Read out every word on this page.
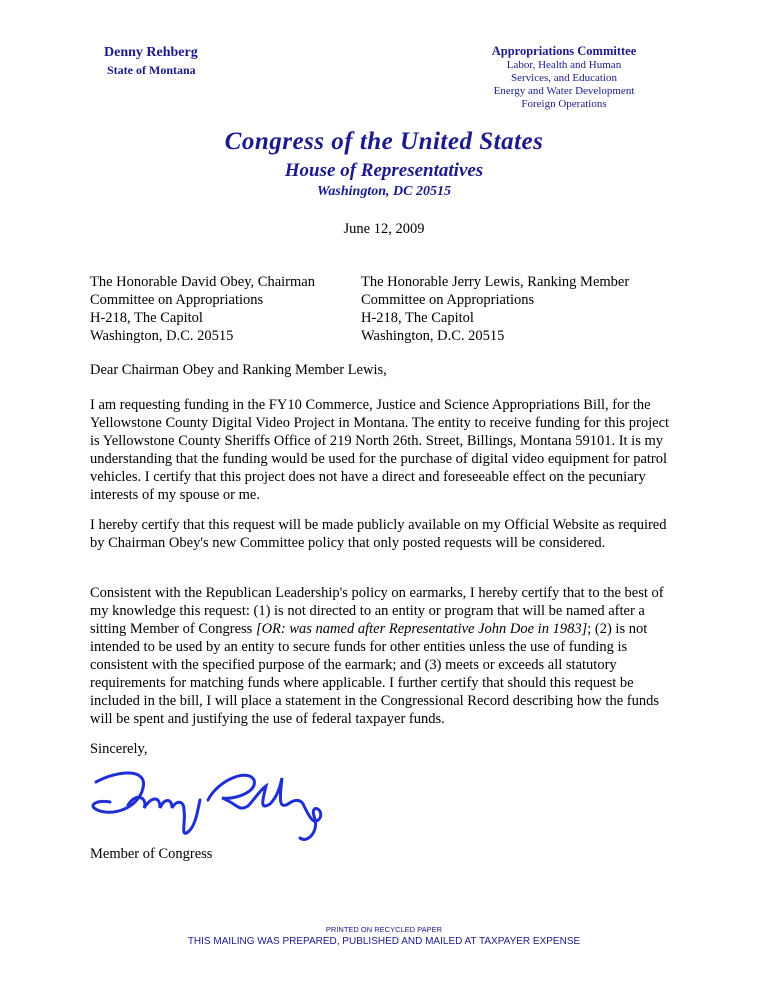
Denny Rehberg
State of Montana
Appropriations Committee
Labor, Health and Human
Services, and Education
Energy and Water Development
Foreign Operations
Congress of the United States
House of Representatives
Washington, DC 20515
June 12, 2009
The Honorable David Obey, Chairman
Committee on Appropriations
H-218, The Capitol
Washington, D.C. 20515
The Honorable Jerry Lewis, Ranking Member
Committee on Appropriations
H-218, The Capitol
Washington, D.C. 20515
Dear Chairman Obey and Ranking Member Lewis,
I am requesting funding in the FY10 Commerce, Justice and Science Appropriations Bill, for the Yellowstone County Digital Video Project in Montana. The entity to receive funding for this project is Yellowstone County Sheriffs Office of 219 North 26th. Street, Billings, Montana 59101. It is my understanding that the funding would be used for the purchase of digital video equipment for patrol vehicles. I certify that this project does not have a direct and foreseeable effect on the pecuniary interests of my spouse or me.
I hereby certify that this request will be made publicly available on my Official Website as required by Chairman Obey's new Committee policy that only posted requests will be considered.
Consistent with the Republican Leadership's policy on earmarks, I hereby certify that to the best of my knowledge this request: (1) is not directed to an entity or program that will be named after a sitting Member of Congress [OR: was named after Representative John Doe in 1983]; (2) is not intended to be used by an entity to secure funds for other entities unless the use of funding is consistent with the specified purpose of the earmark; and (3) meets or exceeds all statutory requirements for matching funds where applicable. I further certify that should this request be included in the bill, I will place a statement in the Congressional Record describing how the funds will be spent and justifying the use of federal taxpayer funds.
Sincerely,
Member of Congress
PRINTED ON RECYCLED PAPER
THIS MAILING WAS PREPARED, PUBLISHED AND MAILED AT TAXPAYER EXPENSE
